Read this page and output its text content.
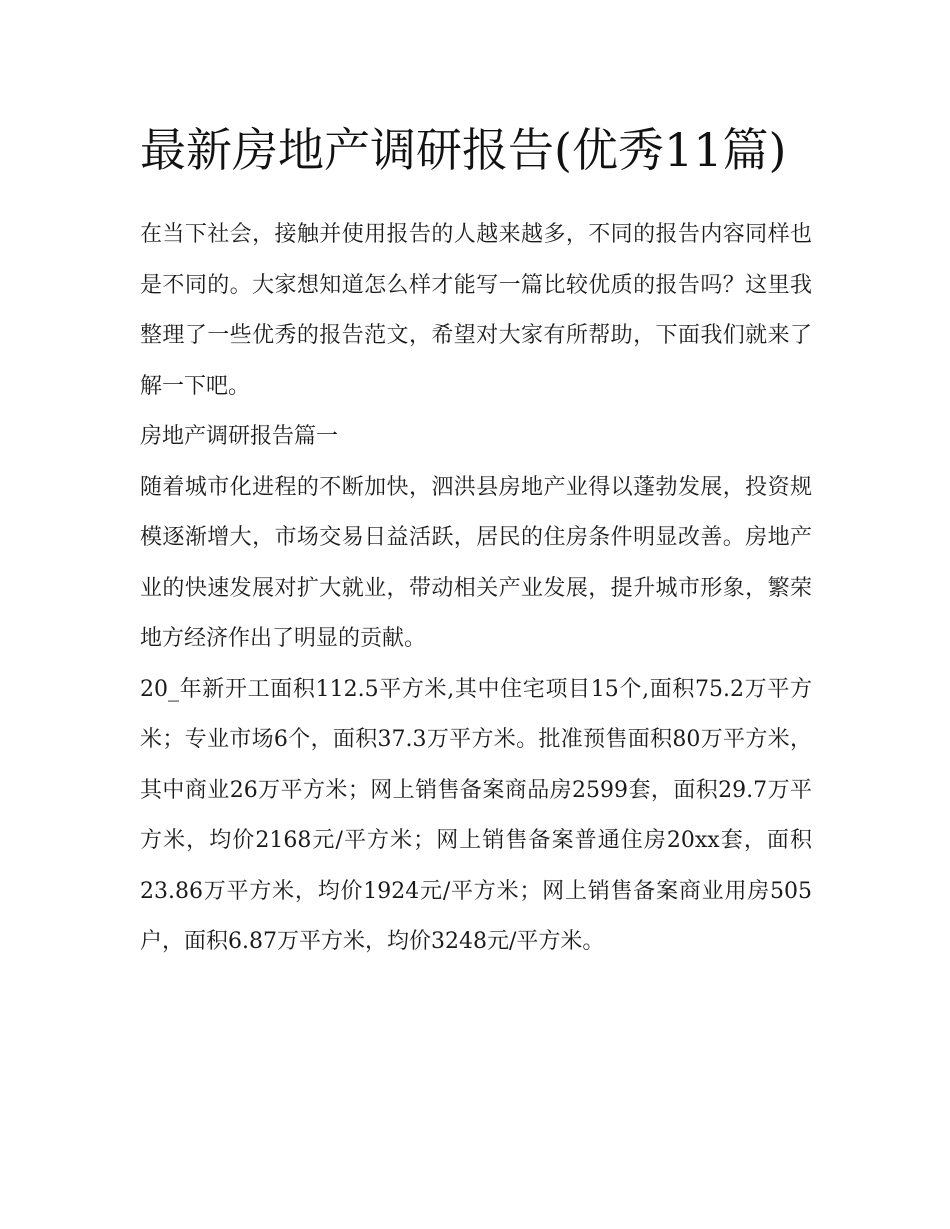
最新房地产调研报告(优秀11篇)

在当下社会，接触并使用报告的人越来越多，不同的报告内容同样也是不同的。大家想知道怎么样才能写一篇比较优质的报告吗？这里我整理了一些优秀的报告范文，希望对大家有所帮助，下面我们就来了解一下吧。

房地产调研报告篇一

随着城市化进程的不断加快，泗洪县房地产业得以蓬勃发展，投资规模逐渐增大，市场交易日益活跃，居民的住房条件明显改善。房地产业的快速发展对扩大就业，带动相关产业发展，提升城市形象，繁荣地方经济作出了明显的贡献。

20_年新开工面积112.5平方米,其中住宅项目15个,面积75.2万平方米；专业市场6个，面积37.3万平方米。批准预售面积80万平方米，其中商业26万平方米；网上销售备案商品房2599套，面积29.7万平方米，均价2168元/平方米；网上销售备案普通住房20xx套，面积23.86万平方米，均价1924元/平方米；网上销售备案商业用房505户，面积6.87万平方米，均价3248元/平方米。
